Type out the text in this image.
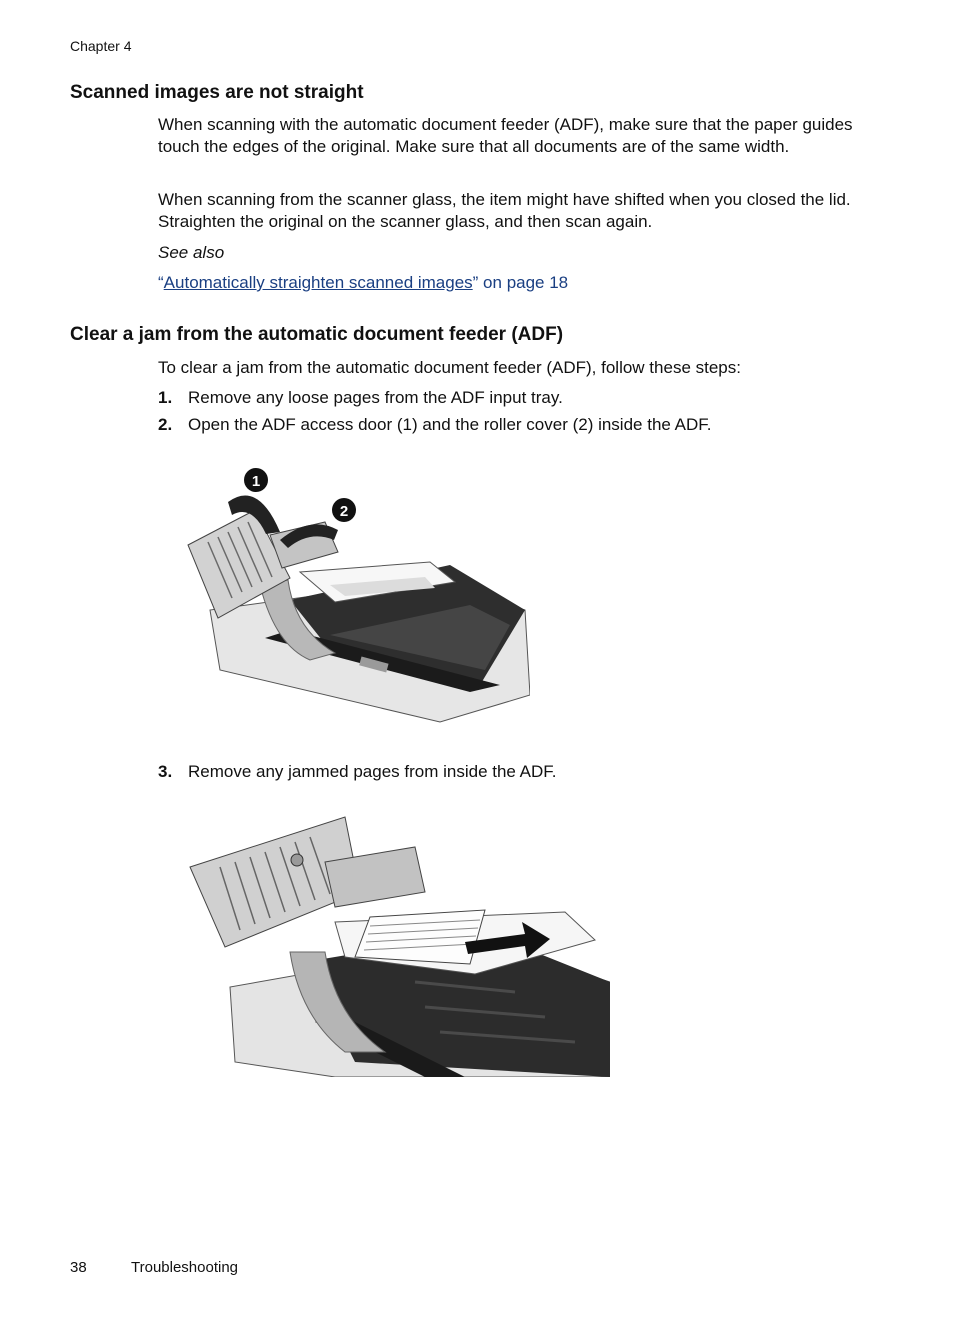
Chapter 4
Scanned images are not straight
When scanning with the automatic document feeder (ADF), make sure that the paper guides touch the edges of the original. Make sure that all documents are of the same width.
When scanning from the scanner glass, the item might have shifted when you closed the lid. Straighten the original on the scanner glass, and then scan again.
See also
“Automatically straighten scanned images” on page 18
Clear a jam from the automatic document feeder (ADF)
To clear a jam from the automatic document feeder (ADF), follow these steps:
1. Remove any loose pages from the ADF input tray.
2. Open the ADF access door (1) and the roller cover (2) inside the ADF.
1
2
3. Remove any jammed pages from inside the ADF.
38	Troubleshooting
